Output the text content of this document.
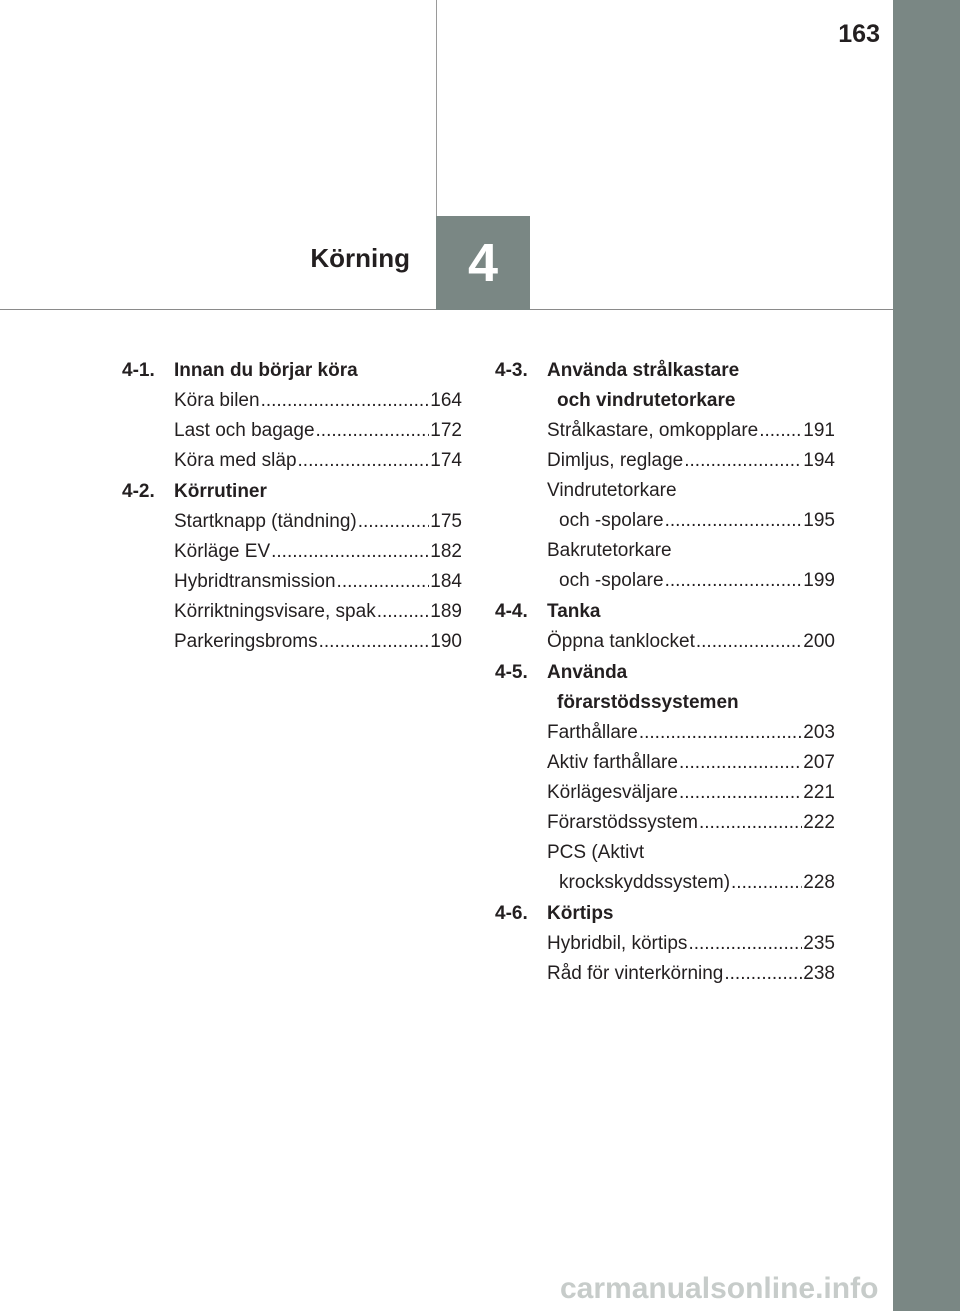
163
4
Körning
4-1.	Innan du börjar köra
Köra bilen .....	164
Last och bagage .....	172
Köra med släp .....	174
4-2.	Körrutiner
Startknapp (tändning) .....	175
Körläge EV .....	182
Hybridtransmission .....	184
Körriktningsvisare, spak .....	189
Parkeringsbroms .....	190
4-3.	Använda strålkastare
och vindrutetorkare
Strålkastare, omkopplare ..... 191
Dimljus, reglage .....	194
Vindrutetorkare
och -spolare .....	195
Bakrutetorkare
och -spolare .....	199
4-4.	Tanka
Öppna tanklocket .....	200
4-5.	Använda
förarstödssystemen
Farthållare .....	203
Aktiv farthållare .....	207
Körlägesväljare .....	221
Förarstödssystem .....	222
PCS (Aktivt
krockskyddssystem) .....	228
4-6.	Körtips
Hybridbil, körtips .....	235
Råd för vinterkörning .....	238
carmanualsonline.info
